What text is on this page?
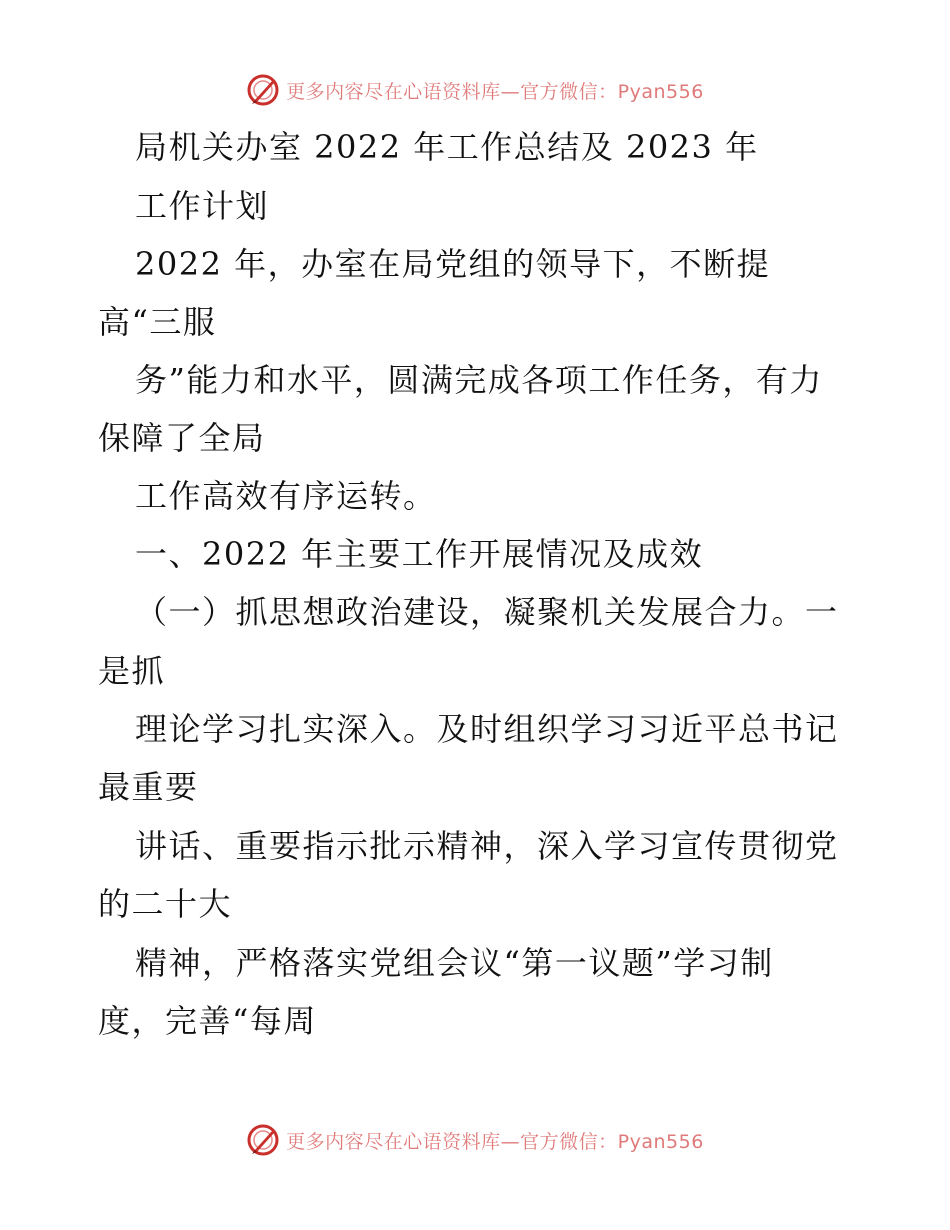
更多内容尽在心语资料库—官方微信：Pyan556
局机关办室 2022 年工作总结及 2023 年
工作计划
2022 年，办室在局党组的领导下，不断提
高“三服
务”能力和水平，圆满完成各项工作任务，有力
保障了全局
工作高效有序运转。
一、2022 年主要工作开展情况及成效
（一）抓思想政治建设，凝聚机关发展合力。一
是抓
理论学习扎实深入。及时组织学习习近平总书记
最重要
讲话、重要指示批示精神，深入学习宣传贯彻党
的二十大
精神，严格落实党组会议“第一议题”学习制
度，完善“每周
更多内容尽在心语资料库—官方微信：Pyan556
